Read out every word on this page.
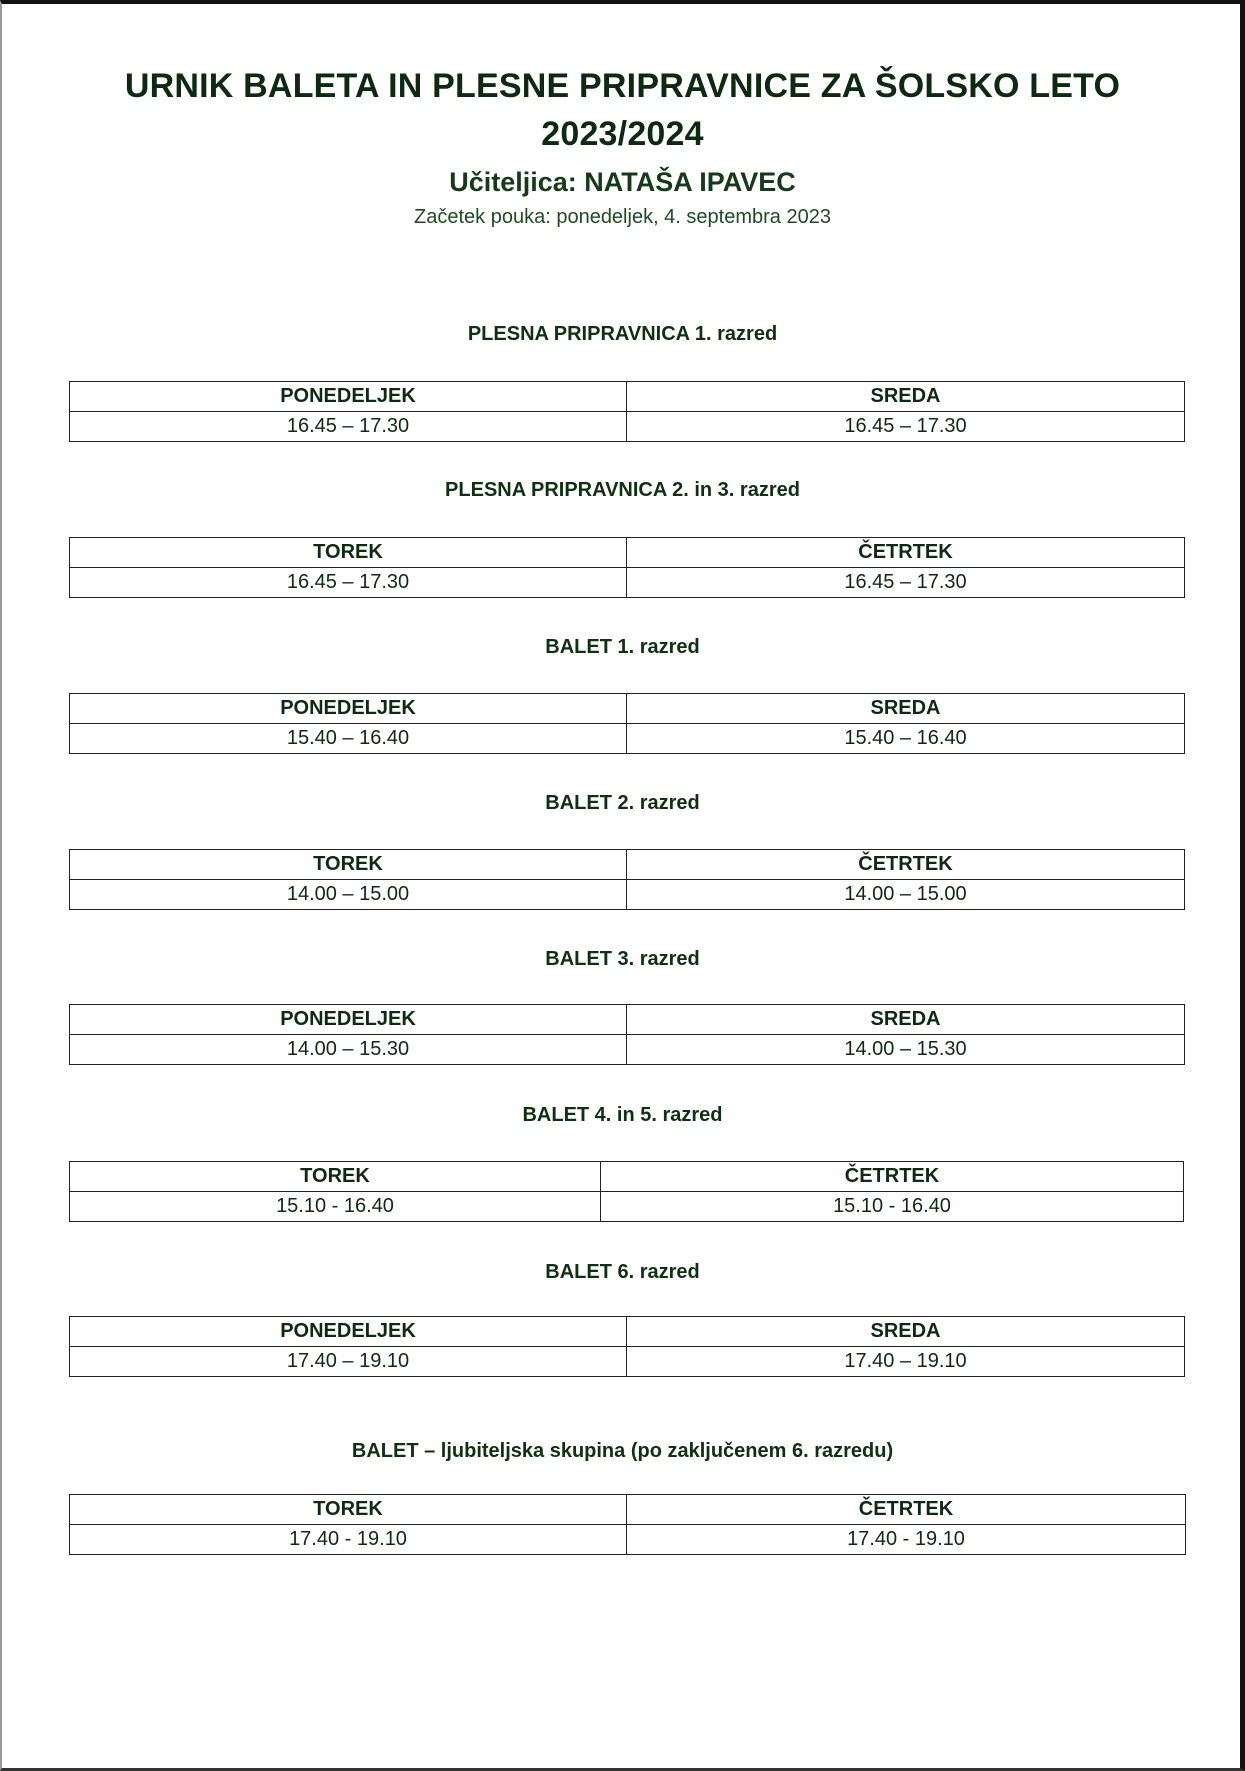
URNIK BALETA IN PLESNE PRIPRAVNICE ZA ŠOLSKO LETO
2023/2024
Učiteljica: NATAŠA IPAVEC
Začetek pouka: ponedeljek, 4. septembra 2023
PLESNA PRIPRAVNICA 1. razred
PONEDELJEK	SREDA
16.45 – 17.30	16.45 – 17.30
PLESNA PRIPRAVNICA 2. in 3. razred
TOREK	ČETRTEK
16.45 – 17.30	16.45 – 17.30
BALET 1. razred
PONEDELJEK	SREDA
15.40 – 16.40	15.40 – 16.40
BALET 2. razred
TOREK	ČETRTEK
14.00 – 15.00	14.00 – 15.00
BALET 3. razred
PONEDELJEK	SREDA
14.00 – 15.30	14.00 – 15.30
BALET 4. in 5. razred
TOREK	ČETRTEK
15.10 - 16.40	15.10 - 16.40
BALET 6. razred
PONEDELJEK	SREDA
17.40 – 19.10	17.40 – 19.10
BALET – ljubiteljska skupina (po zaključenem 6. razredu)
TOREK	ČETRTEK
17.40 - 19.10	17.40 - 19.10
